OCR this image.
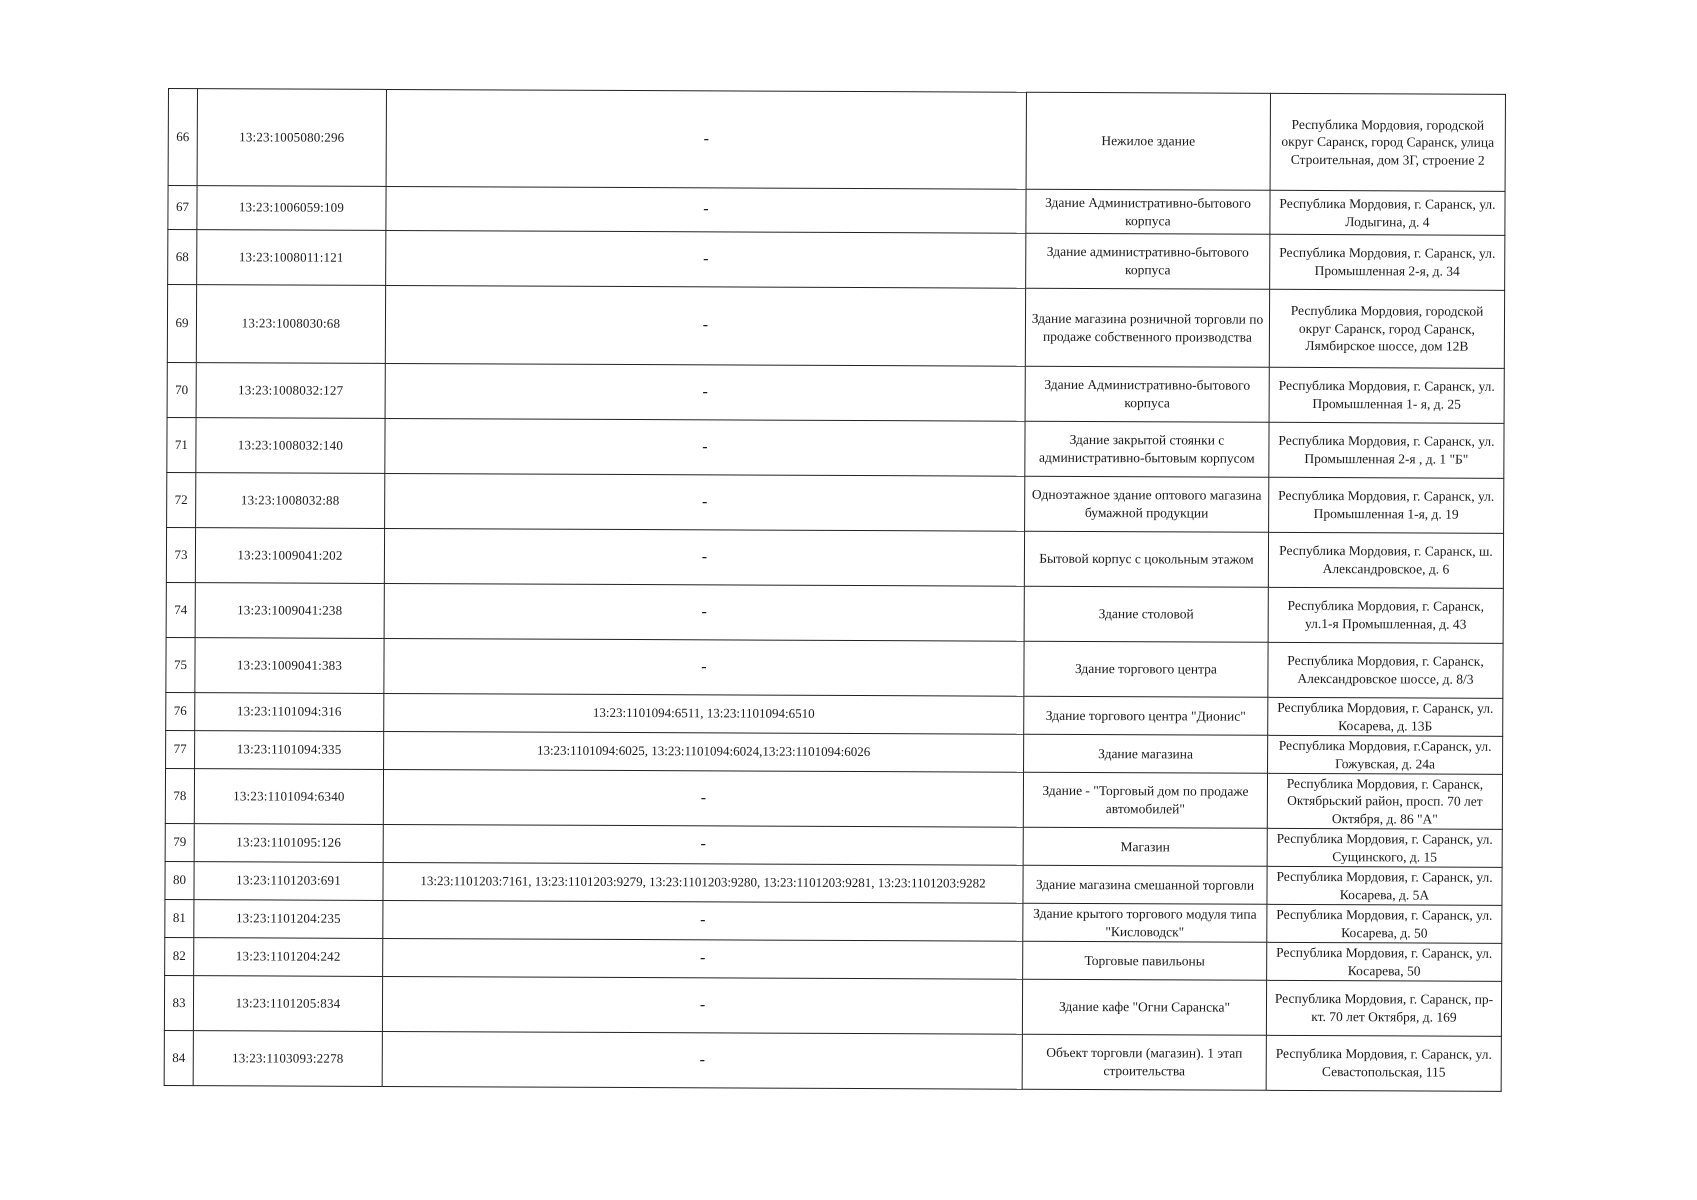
66	13:23:1005080:296	-	Нежилое здание	Республика Мордовия, городской округ Саранск, город Саранск, улица Строительная, дом 3Г, строение 2
67	13:23:1006059:109	-	Здание Административно-бытового корпуса	Республика Мордовия, г. Саранск, ул. Лодыгина, д. 4
68	13:23:1008011:121	-	Здание административно-бытового корпуса	Республика Мордовия, г. Саранск, ул. Промышленная 2-я, д. 34
69	13:23:1008030:68	-	Здание магазина розничной торговли по продаже собственного производства	Республика Мордовия, городской округ Саранск, город Саранск, Лямбирское шоссе, дом 12В
70	13:23:1008032:127	-	Здание Административно-бытового корпуса	Республика Мордовия, г. Саранск, ул. Промышленная 1- я, д. 25
71	13:23:1008032:140	-	Здание закрытой стоянки с административно-бытовым корпусом	Республика Мордовия, г. Саранск, ул. Промышленная 2-я , д. 1 "Б"
72	13:23:1008032:88	-	Одноэтажное здание оптового магазина бумажной продукции	Республика Мордовия, г. Саранск, ул. Промышленная 1-я, д. 19
73	13:23:1009041:202	-	Бытовой корпус с цокольным этажом	Республика Мордовия, г. Саранск, ш. Александровское, д. 6
74	13:23:1009041:238	-	Здание столовой	Республика Мордовия, г. Саранск, ул.1-я Промышленная, д. 43
75	13:23:1009041:383	-	Здание торгового центра	Республика Мордовия, г. Саранск, Александровское шоссе, д. 8/3
76	13:23:1101094:316	13:23:1101094:6511, 13:23:1101094:6510	Здание торгового центра "Дионис"	Республика Мордовия, г. Саранск, ул. Косарева, д. 13Б
77	13:23:1101094:335	13:23:1101094:6025, 13:23:1101094:6024,13:23:1101094:6026	Здание магазина	Республика Мордовия, г.Саранск, ул. Гожувская, д. 24а
78	13:23:1101094:6340	-	Здание - "Торговый дом по продаже автомобилей"	Республика Мордовия, г. Саранск, Октябрьский район, просп. 70 лет Октября, д. 86 "А"
79	13:23:1101095:126	-	Магазин	Республика Мордовия, г. Саранск, ул. Сущинского, д. 15
80	13:23:1101203:691	13:23:1101203:7161, 13:23:1101203:9279, 13:23:1101203:9280, 13:23:1101203:9281, 13:23:1101203:9282	Здание магазина смешанной торговли	Республика Мордовия, г. Саранск, ул. Косарева, д. 5А
81	13:23:1101204:235	-	Здание крытого торгового модуля типа "Кисловодск"	Республика Мордовия, г. Саранск, ул. Косарева, д. 50
82	13:23:1101204:242	-	Торговые павильоны	Республика Мордовия, г. Саранск, ул. Косарева, 50
83	13:23:1101205:834	-	Здание кафе "Огни Саранска"	Республика Мордовия, г. Саранск, пр-кт. 70 лет Октября, д. 169
84	13:23:1103093:2278	-	Объект торговли (магазин). 1 этап строительства	Республика Мордовия, г. Саранск, ул. Севастопольская, 115
